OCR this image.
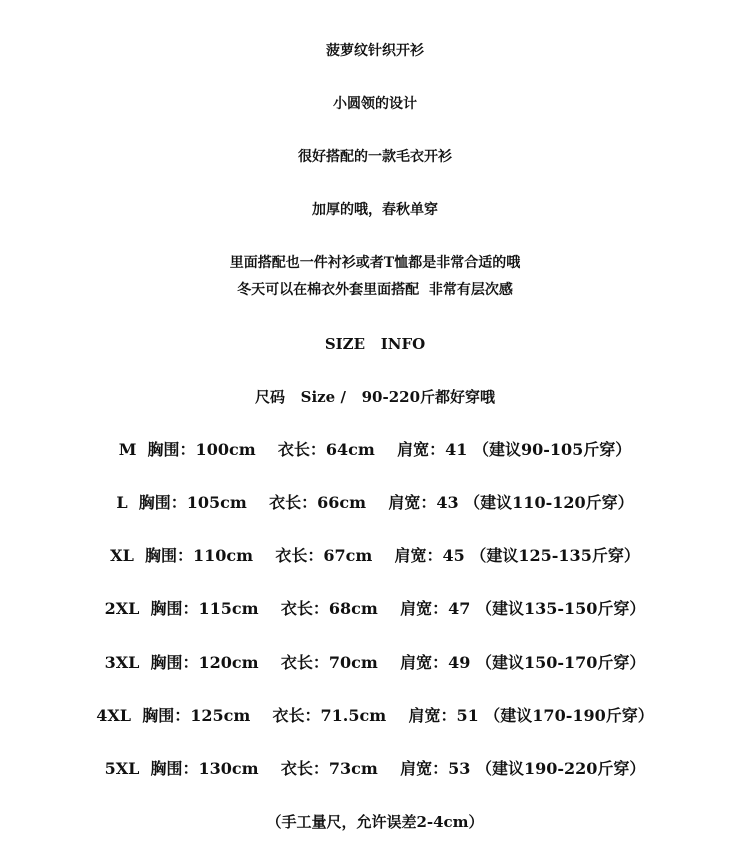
菠萝纹针织开衫
小圆领的设计
很好搭配的一款毛衣开衫
加厚的哦，春秋单穿
里面搭配也一件衬衫或者T恤都是非常合适的哦
冬天可以在棉衣外套里面搭配  非常有层次感
SIZE   INFO
尺码   Size /   90-220斤都好穿哦
M  胸围：100cm    衣长：64cm    肩宽：41 （建议90-105斤穿）
L  胸围：105cm    衣长：66cm    肩宽：43 （建议110-120斤穿）
XL  胸围：110cm    衣长：67cm    肩宽：45 （建议125-135斤穿）
2XL  胸围：115cm    衣长：68cm    肩宽：47 （建议135-150斤穿）
3XL  胸围：120cm    衣长：70cm    肩宽：49 （建议150-170斤穿）
4XL  胸围：125cm    衣长：71.5cm    肩宽：51 （建议170-190斤穿）
5XL  胸围：130cm    衣长：73cm    肩宽：53 （建议190-220斤穿）
（手工量尺，允许误差2-4cm）
